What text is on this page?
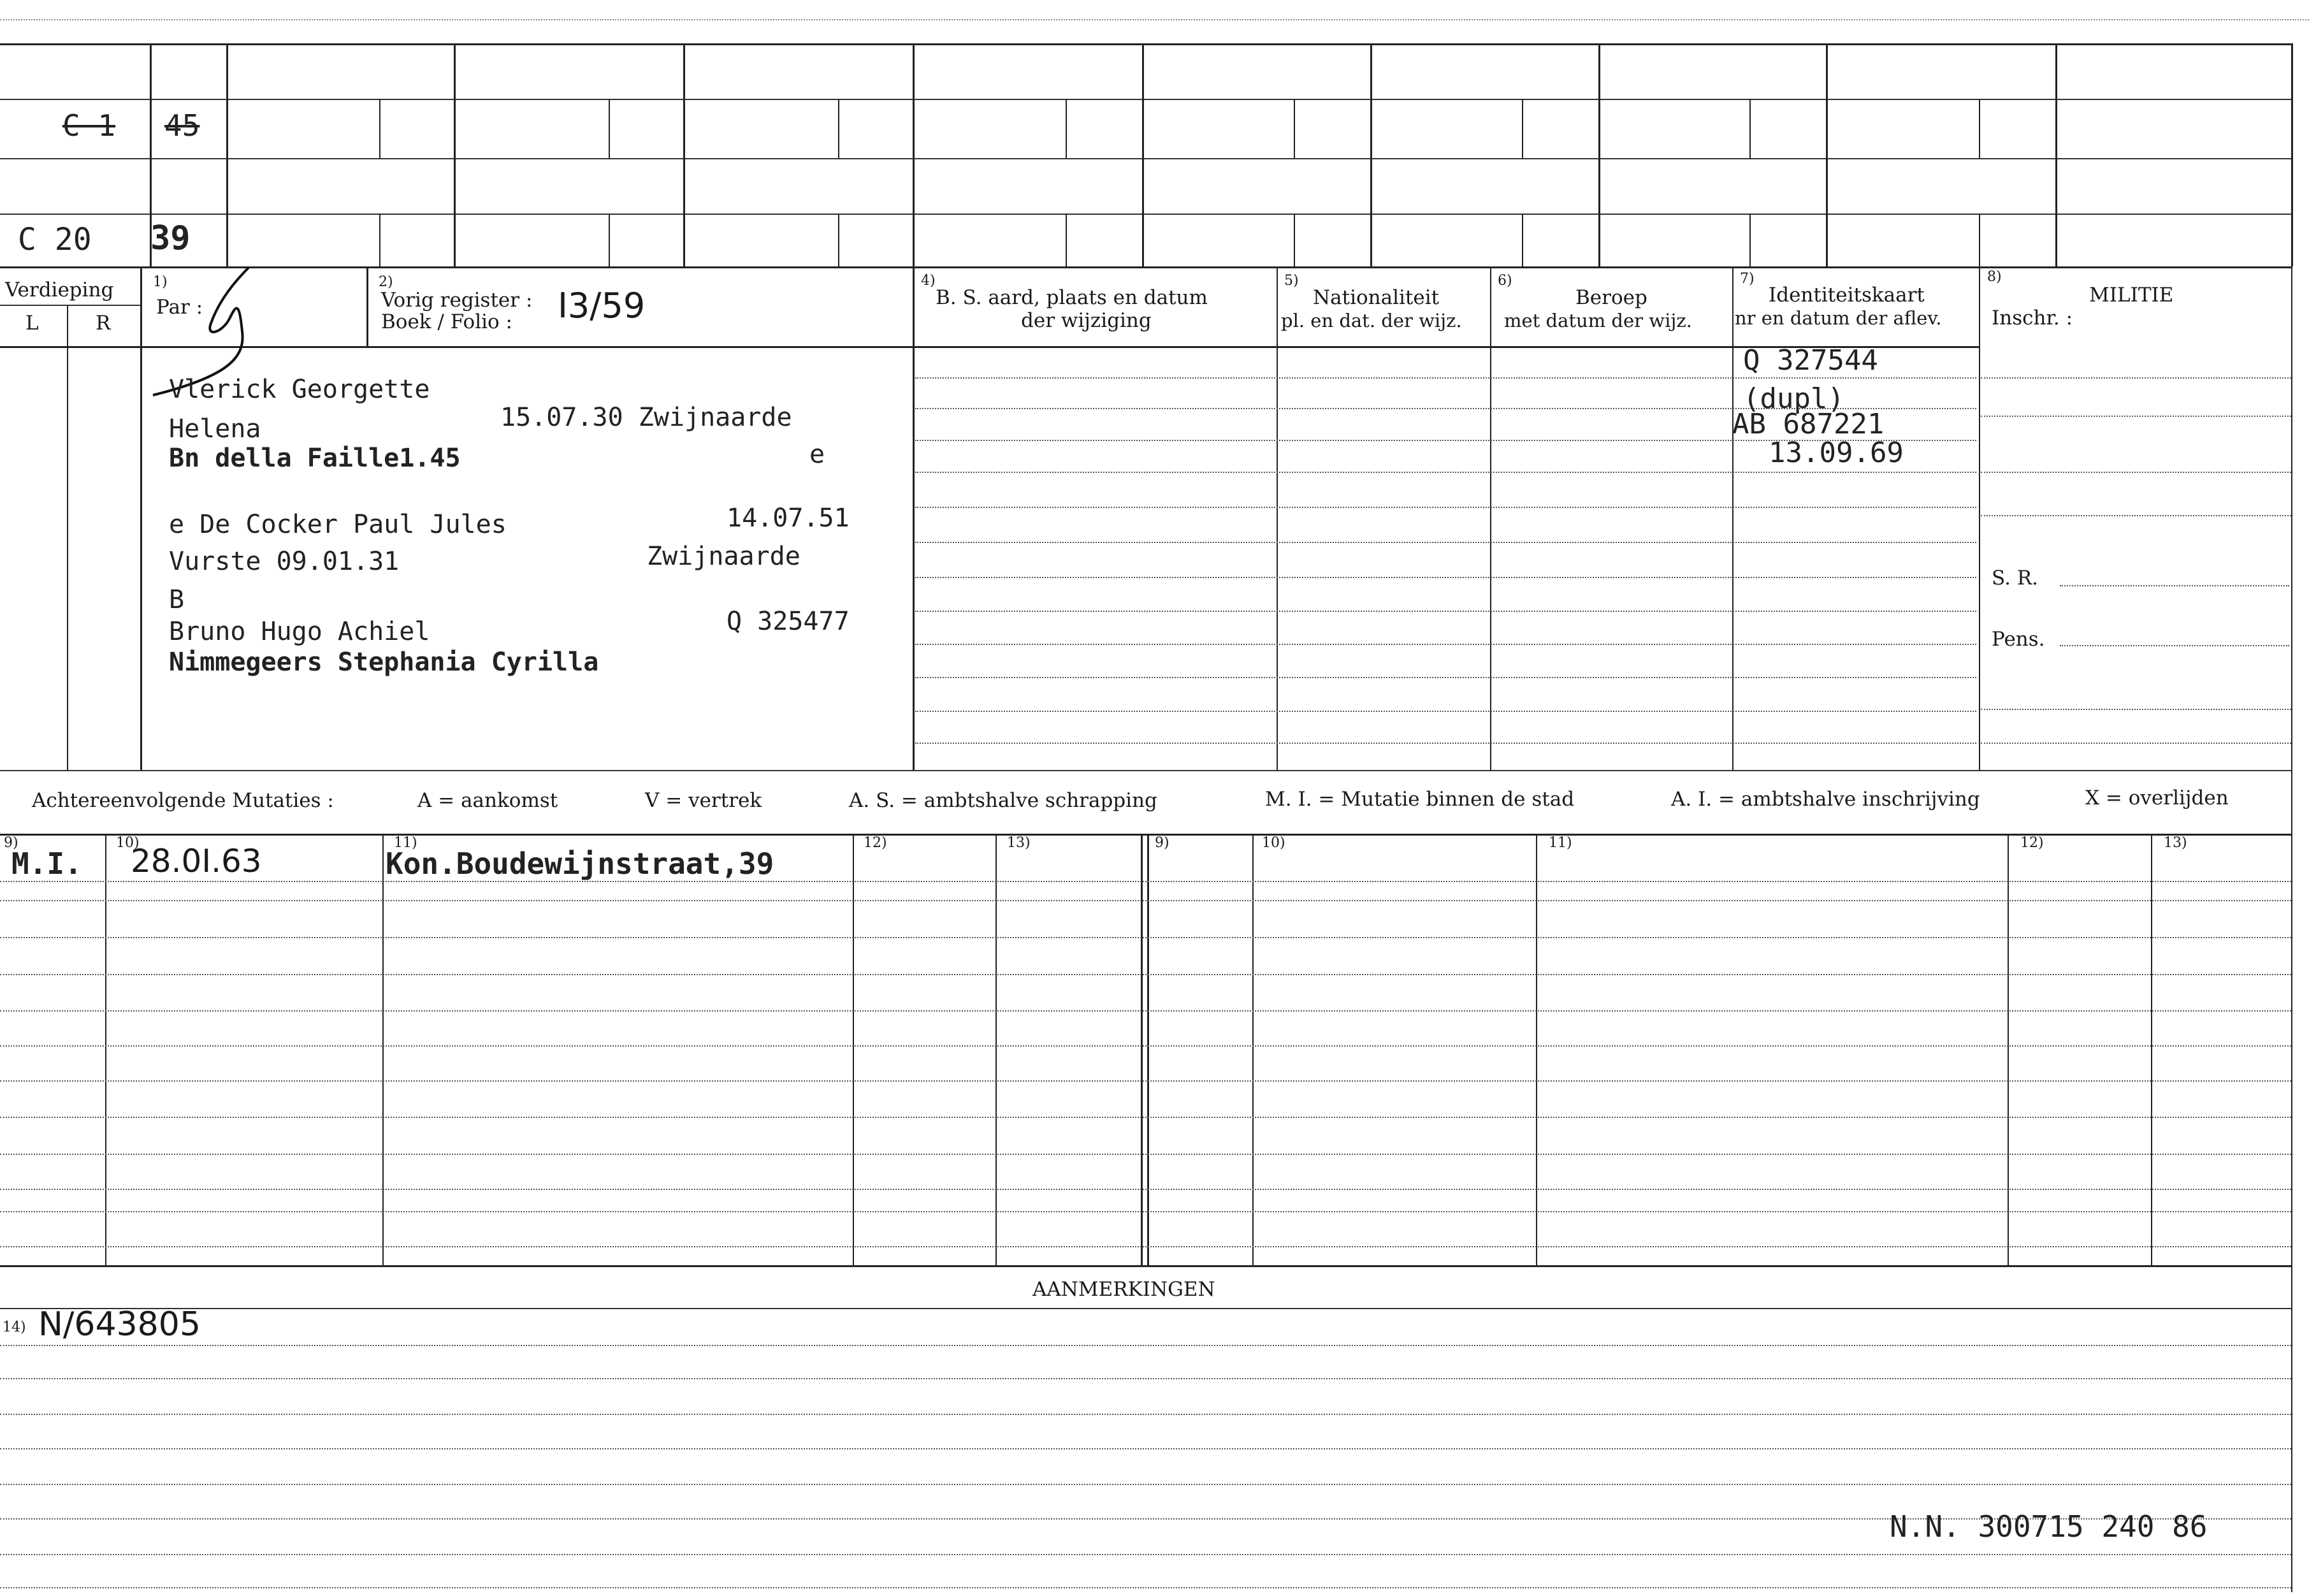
C 1 45
C 20 39
Verdieping
L	R
1)
Par :
2)
Vorig register :
Boek / Folio : I3/59
4)
B. S. aard, plaats en datum
der wijziging
5)
Nationaliteit
pl. en dat. der wijz.
6)
Beroep
met datum der wijz.
7)
Identiteitskaart
nr en datum der aflev.
8)
MILITIE
Inschr. :
S. R.
Pens.
Vlerick Georgette
Helena	15.07.30 Zwijnaarde
Bn della Faille1.45	e
e De Cocker Paul Jules	14.07.51
Vurste 09.01.31	Zwijnaarde
B
Bruno Hugo Achiel	Q 325477
Nimmegeers Stephania Cyrilla
Q 327544
(dupl)
AB 687221
13.09.69
Achtereenvolgende Mutaties :	A = aankomst	V = vertrek	A. S. = ambtshalve schrapping	M. I. = Mutatie binnen de stad	A. I. = ambtshalve inschrijving	X = overlijden
9)	10)	11)	12)	13)	9)	10)	11)	12)	13)
M.I. 28.0I.63	Kon.Boudewijnstraat,39
AANMERKINGEN
14) N/643805
N.N. 300715 240 86
